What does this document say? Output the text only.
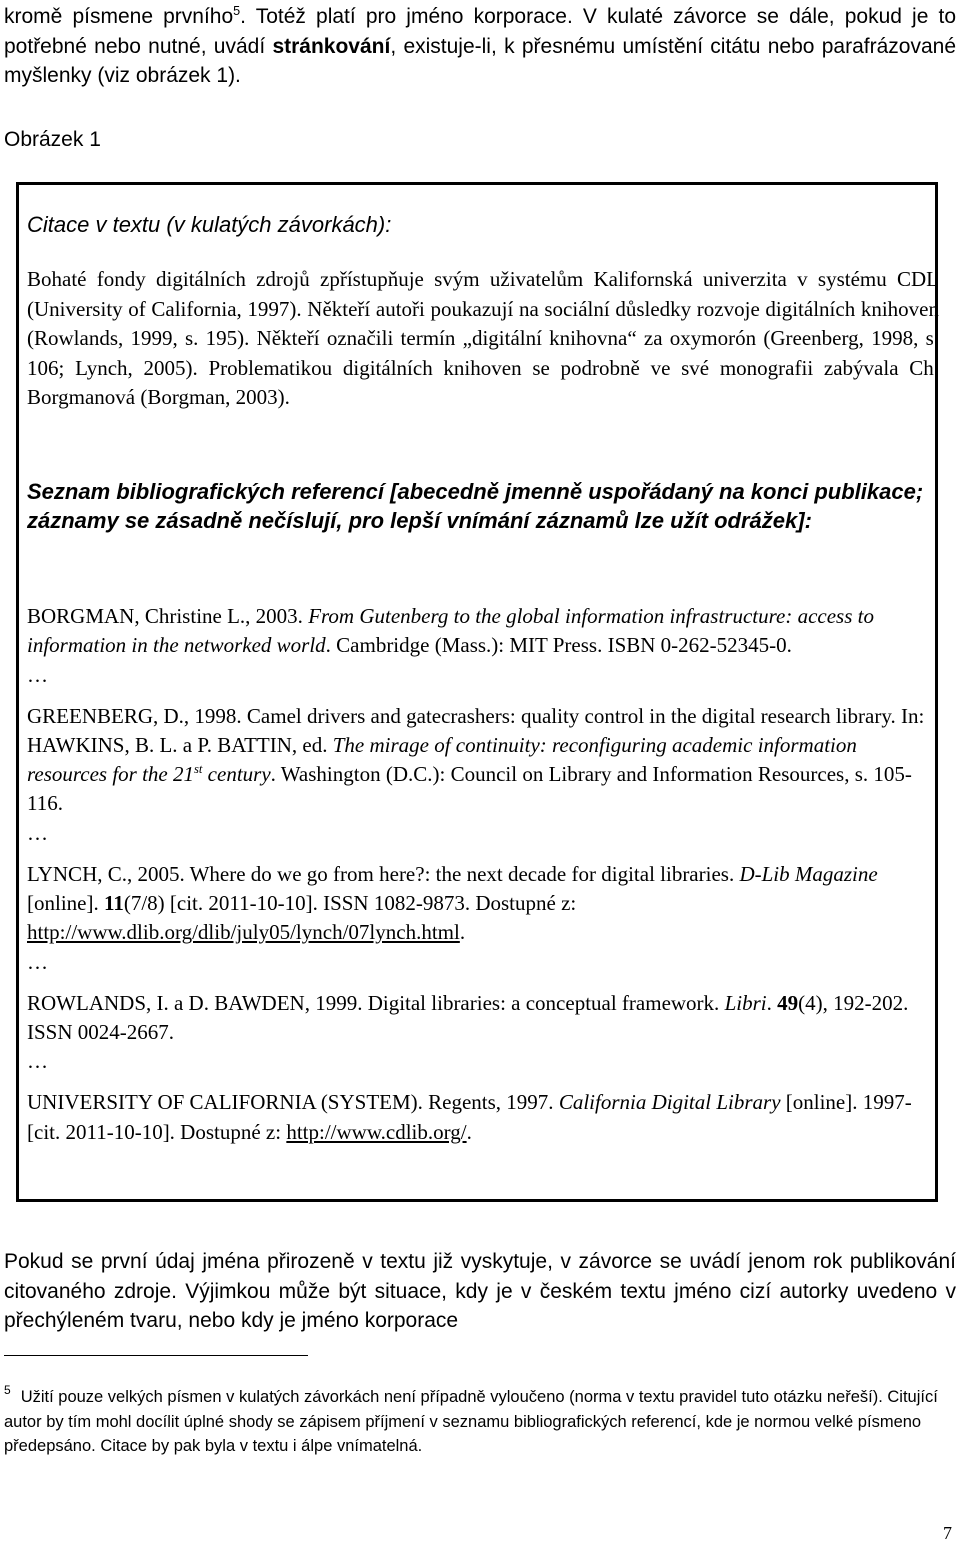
kromě písmene prvního$^5$. Totéž platí pro jméno korporace. V kulaté závorce se dále, pokud je to potřebné nebo nutné, uvádí stránkování, existuje-li, k přesnému umístění citátu nebo parafrázované myšlenky (viz obrázek 1).

Obrázek 1
Citace v textu (v kulatých závorkách):

Bohaté fondy digitálních zdrojů zpřístupňuje svým uživatelům Kalifornská univerzita v systému CDL (University of California, 1997). Někteří autoři poukazují na sociální důsledky rozvoje digitálních knihoven (Rowlands, 1999, s. 195). Někteří označili termín „digitální knihovna“ za oxymorón (Greenberg, 1998, s. 106; Lynch, 2005). Problematikou digitálních knihoven se podrobně ve své monografii zabývala Ch. Borgmanová (Borgman, 2003).

Seznam bibliografických referencí [abecedně jmenně uspořádaný na konci publikace; záznamy se zásadně nečíslují, pro lepší vnímání záznamů lze užít odrážek]:

BORGMAN, Christine L., 2003. From Gutenberg to the global information infrastructure: access to information in the networked world. Cambridge (Mass.): MIT Press. ISBN 0-262-52345-0.

…

GREENBERG, D., 1998. Camel drivers and gatecrashers: quality control in the digital research library. In: HAWKINS, B. L. a P. BATTIN, ed. The mirage of continuity: reconfiguring academic information resources for the 21st century. Washington (D.C.): Council on Library and Information Resources, s. 105-116.

…

LYNCH, C., 2005. Where do we go from here?: the next decade for digital libraries. D-Lib Magazine [online]. 11(7/8) [cit. 2011-10-10]. ISSN 1082-9873. Dostupné z: http://www.dlib.org/dlib/july05/lynch/07lynch.html.

…

ROWLANDS, I. a D. BAWDEN, 1999. Digital libraries: a conceptual framework. Libri. 49(4), 192-202. ISSN 0024-2667.

…

UNIVERSITY OF CALIFORNIA (SYSTEM). Regents, 1997. California Digital Library [online]. 1997- [cit. 2011-10-10]. Dostupné z: http://www.cdlib.org/.

Pokud se první údaj jména přirozeně v textu již vyskytuje, v závorce se uvádí jenom rok publikování citovaného zdroje. Výjimkou může být situace, kdy je v českém textu jméno cizí autorky uvedeno v přechýleném tvaru, nebo kdy je jméno korporace

$^5$ Užití pouze velkých písmen v kulatých závorkách není případně vyloučeno (norma v textu pravidel tuto otázku neřeší). Citující autor by tím mohl docílit úplné shody se zápisem příjmení v seznamu bibliografických referencí, kde je normou velké písmeno předepsáno. Citace by pak byla v textu i álpe vnímatelná.

7
